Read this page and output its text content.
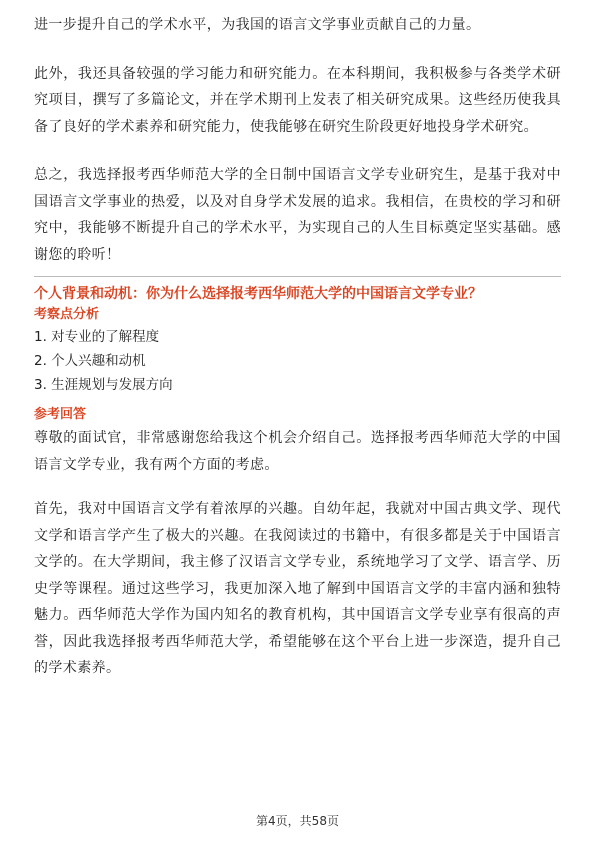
进一步提升自己的学术水平，为我国的语言文学事业贡献自己的力量。

此外，我还具备较强的学习能力和研究能力。在本科期间，我积极参与各类学术研究项目，撰写了多篇论文，并在学术期刊上发表了相关研究成果。这些经历使我具备了良好的学术素养和研究能力，使我能够在研究生阶段更好地投身学术研究。

总之，我选择报考西华师范大学的全日制中国语言文学专业研究生，是基于我对中国语言文学事业的热爱，以及对自身学术发展的追求。我相信，在贵校的学习和研究中，我能够不断提升自己的学术水平，为实现自己的人生目标奠定坚实基础。感谢您的聆听！

个人背景和动机：你为什么选择报考西华师范大学的中国语言文学专业？

考察点分析

1. 对专业的了解程度

2. 个人兴趣和动机

3. 生涯规划与发展方向

参考回答

尊敬的面试官，非常感谢您给我这个机会介绍自己。选择报考西华师范大学的中国语言文学专业，我有两个方面的考虑。

首先，我对中国语言文学有着浓厚的兴趣。自幼年起，我就对中国古典文学、现代文学和语言学产生了极大的兴趣。在我阅读过的书籍中，有很多都是关于中国语言文学的。在大学期间，我主修了汉语言文学专业，系统地学习了文学、语言学、历史学等课程。通过这些学习，我更加深入地了解到中国语言文学的丰富内涵和独特魅力。西华师范大学作为国内知名的教育机构，其中国语言文学专业享有很高的声誉，因此我选择报考西华师范大学，希望能够在这个平台上进一步深造，提升自己的学术素养。

第4页，共58页
